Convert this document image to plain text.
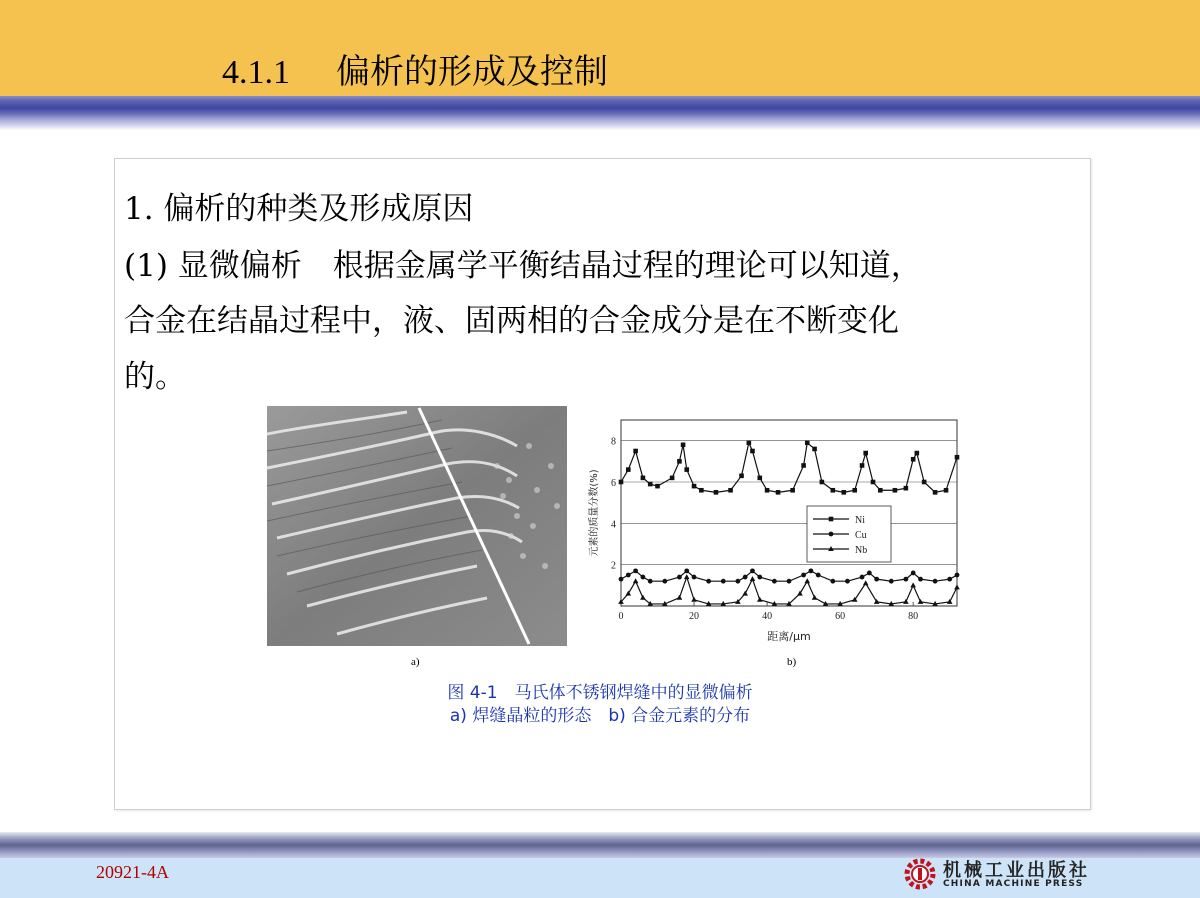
4.1.1 偏析的形成及控制
1. 偏析的种类及形成原因
(1) 显微偏析　根据金属学平衡结晶过程的理论可以知道，
合金在结晶过程中，液、固两相的合金成分是在不断变化
的。
a)	b)
2
4
6
8
0	20	40	60	80
距离/μm
元素的质量分数(%)	Ni
Cu
Nb
图 4-1　马氏体不锈钢焊缝中的显微偏析
a) 焊缝晶粒的形态　b) 合金元素的分布
20921-4A	机械工业出版社
CHINA MACHINE PRESS
